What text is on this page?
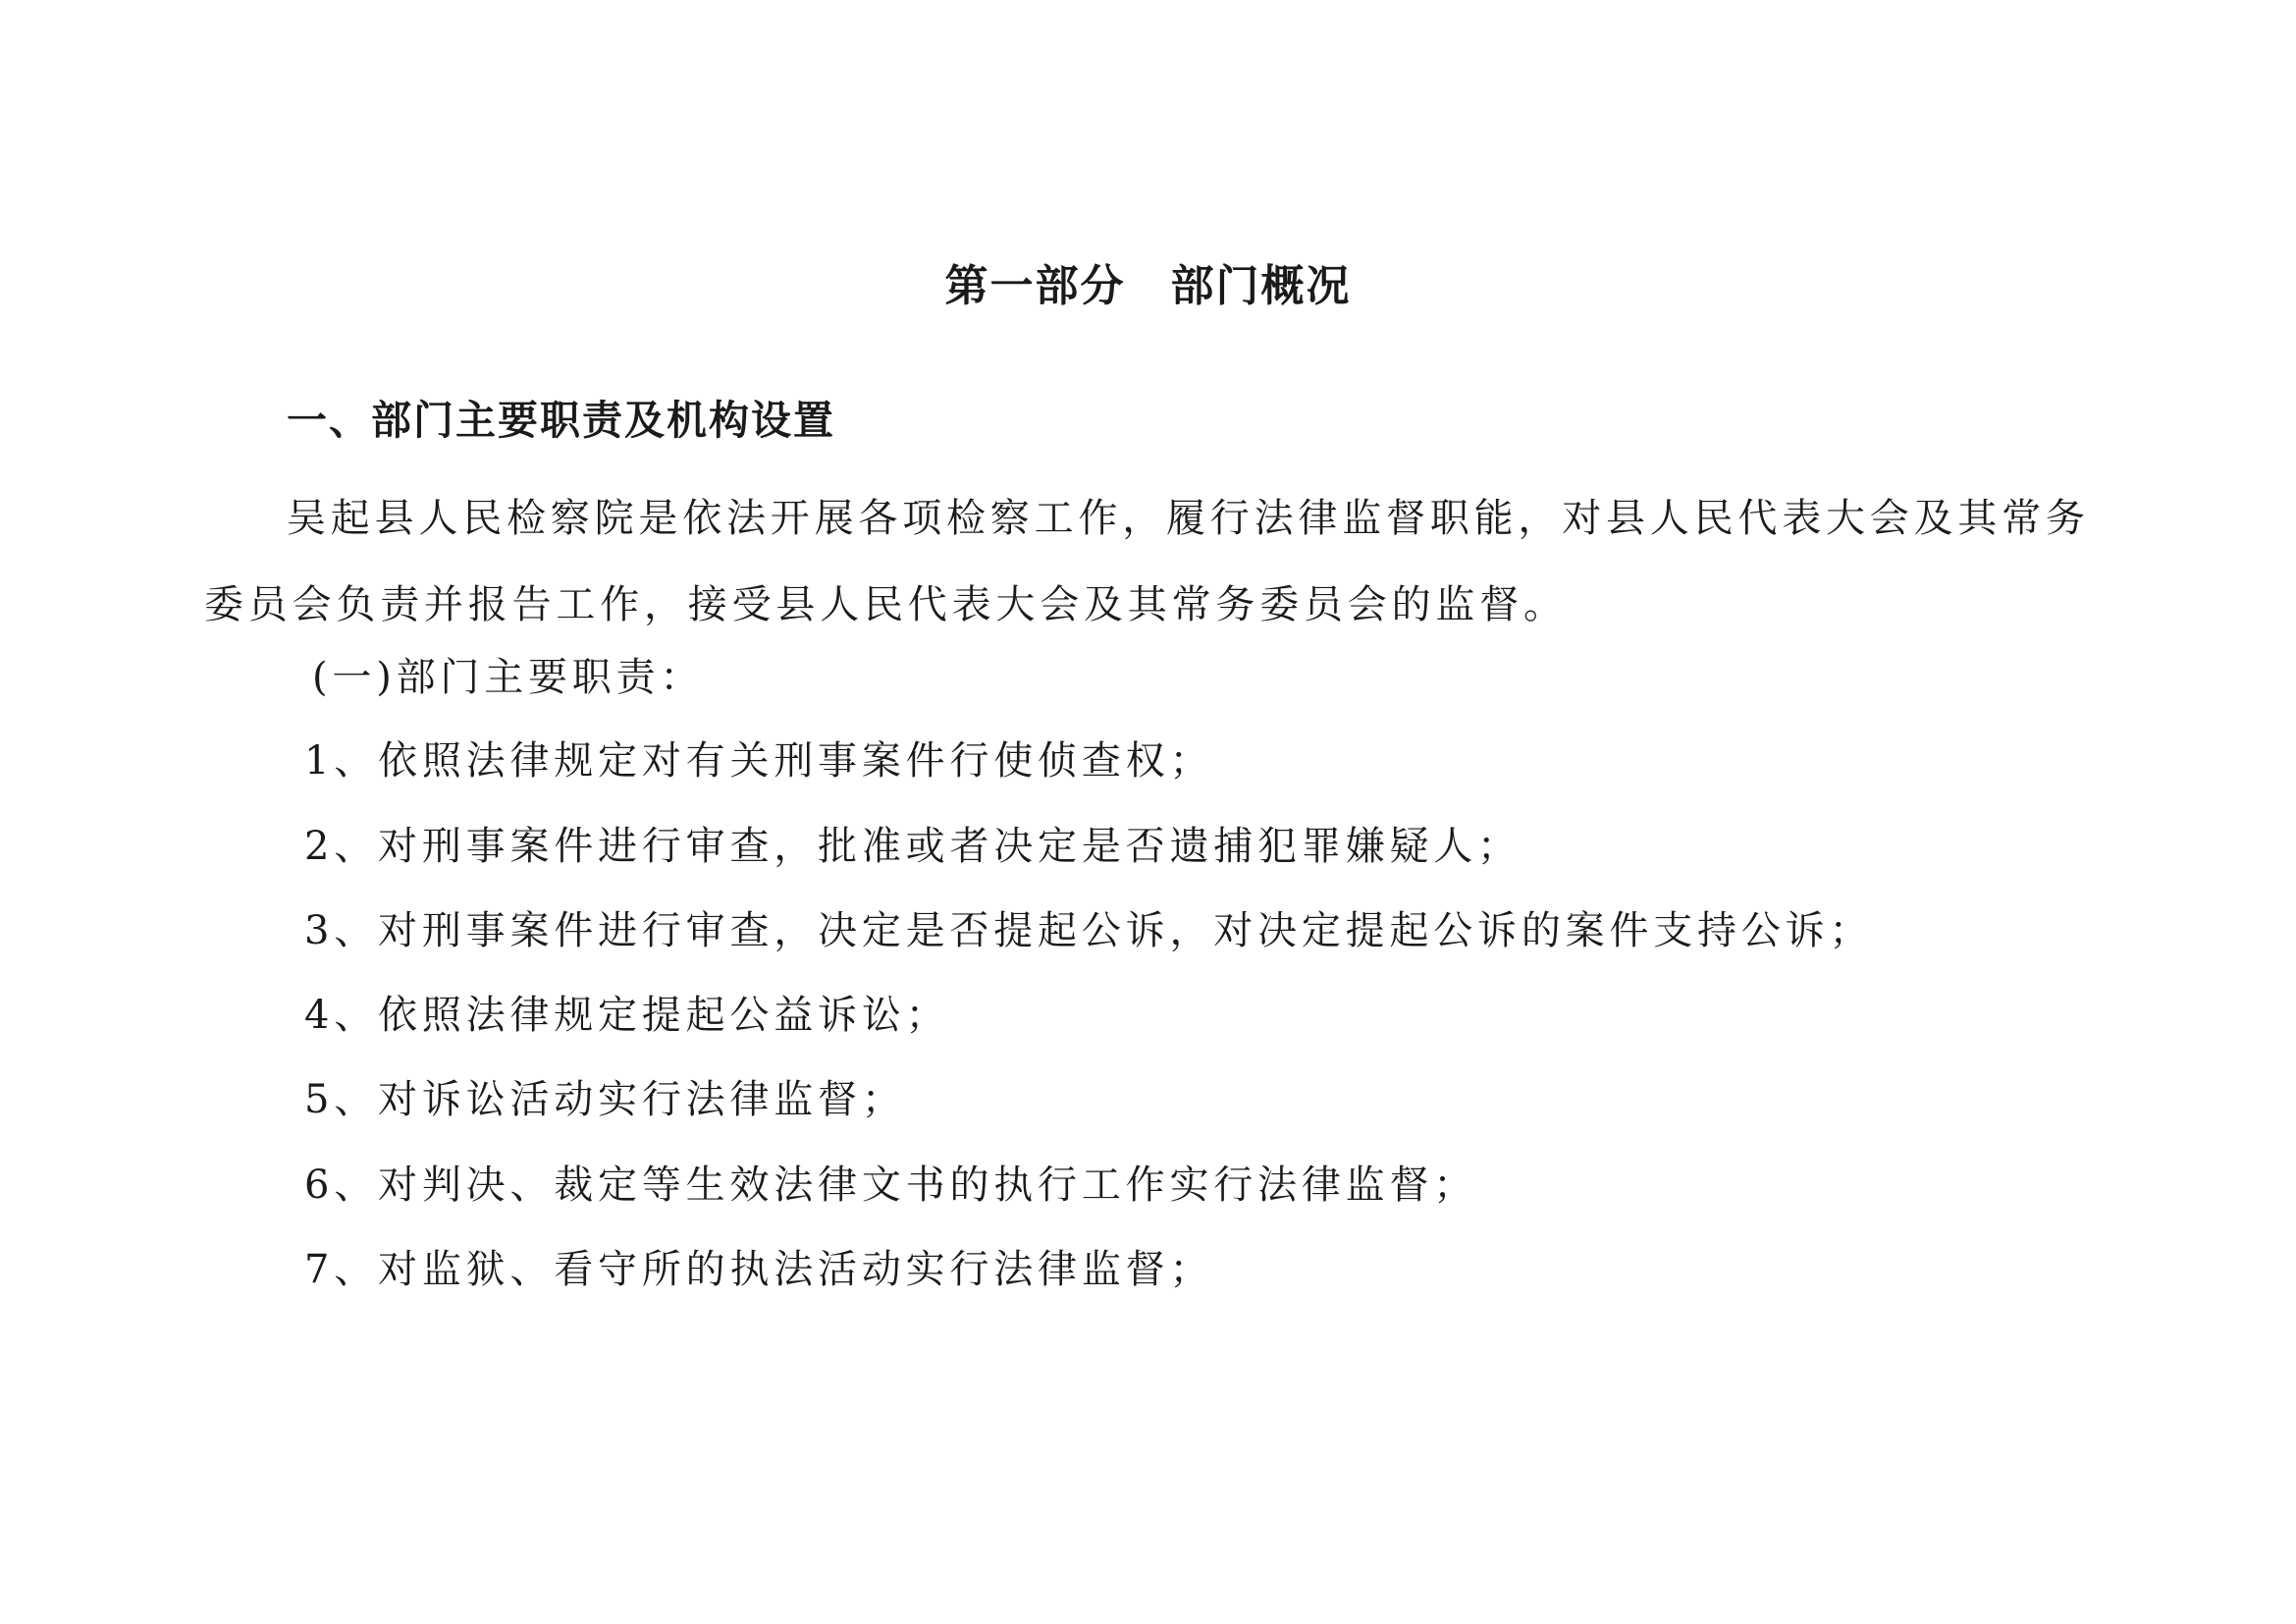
第一部分　部门概况
一、部门主要职责及机构设置

吴起县人民检察院是依法开展各项检察工作，履行法律监督职能，对县人民代表大会及其常务委员会负责并报告工作，接受县人民代表大会及其常务委员会的监督。

(一)部门主要职责：
1、依照法律规定对有关刑事案件行使侦查权；
2、对刑事案件进行审查，批准或者决定是否遗捕犯罪嫌疑人；
3、对刑事案件进行审查，决定是否提起公诉，对决定提起公诉的案件支持公诉；
4、依照法律规定提起公益诉讼；
5、对诉讼活动实行法律监督；
6、对判决、裁定等生效法律文书的执行工作实行法律监督；
7、对监狱、看守所的执法活动实行法律监督；
